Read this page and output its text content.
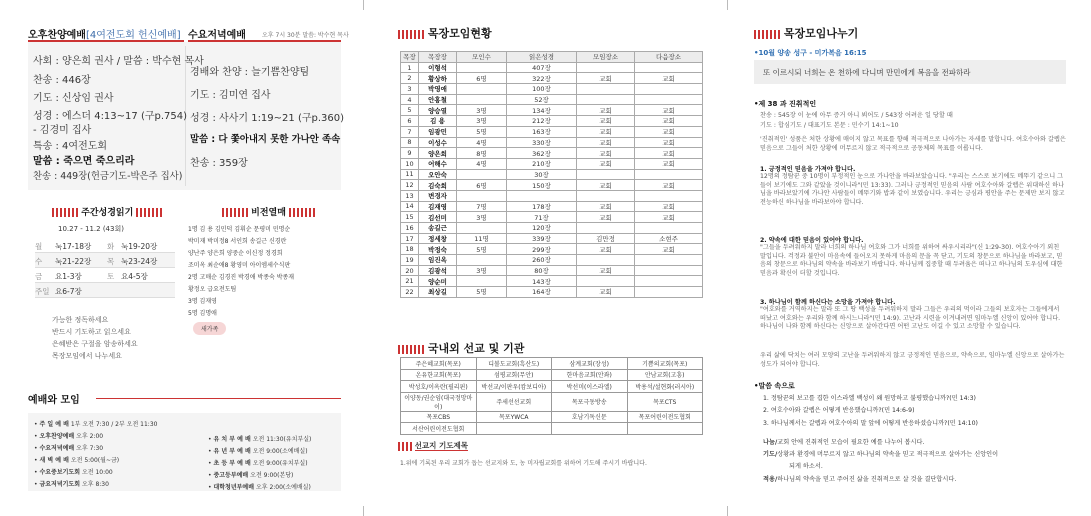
오후찬양예배[4여전도회 헌신예배] 수요저녁예배	오후 7시 30분 말씀: 박수현 목사
사회 : 양은희 권사 / 말씀 : 박수현 목사
찬송 : 446장
기도 : 신상임 권사
성경 : 에스더 4:13~17 (구p.754)
- 김경미 집사
특송 : 4여전도회
말씀 : 죽으면 죽으리라
찬송 : 449장(헌금기도-박은주 집사)
경배와 찬양 : 늘기쁨찬양팀
기도 : 김미연 집사
성경 : 사사기 1:19~21 (구p.360)
말씀 : 다 쫓아내지 못한 가나안 족속
찬송 : 359장
주간성경읽기
10.27 - 11.2 (43회)
월 눅17-18장 화 눅19-20장
수 눅21-22장 목 눅23-24장
금 요1-3장	토 요4-5장
주일 요6-7장
가능한 정독하세요
반드시 기도하고 읽으세요
은혜받은 구절을 암송하세요
목장모임에서 나누세요
비전열매
1명 김 용 김민덕 김휘순 문평미 민명순
박미재 박미정8 서인희 송길근 신경란
양난주 양은희 양중순 이신정 정경희
조미옥 최순애8 황영미 아이엠세수식판
2명 고매순 김경진 박경애 박종숙 박종재
황정오 급요전도팀
3명 김재영
5명 김명애
새가족
예배와 모임
• 주 일 예 배 1부 오전 7:30 / 2부 오전 11:30
• 오후찬양예배 오후 2:00
• 수요저녁예배 오후 7:30
• 새 벽 예 배 오전 5:00(월~금)
• 수요중보기도회 오전 10:00
• 금요저녁기도회 오후 8:30
• 유 치 부 예 배 오전 11:30(유치부실)
• 유 년 부 예 배 오전 9:00(소예배실)
• 초 등 부 예 배 오전 9:00(유치부실)
• 중고등부예배 오전 9:00(본당)
• 대학청년부예배 오후 2:00(소예배실)
목장모임현황
목장	목장장	모인수	읽은성경	모임장소	다음장소
1	이형석		407장		
2	황상하	6명	322장	교회	교회
3	박영애		100장		
4	안홍철		52장		
5	양승열	3명	134장	교회	교회
6	김 용	3명	212장	교회	교회
7	임광민	5명	163장	교회	교회
8	이성수	4명	330장	교회	교회
9	양은희	8명	362장	교회	교회
10	어해수	4명	210장	교회	교회
11	오안숙		30장		
12	김숙희	6명	150장	교회	교회
13	변경자				
14	김재영	7명	178장	교회	교회
15	김선미	3명	71장	교회	교회
16	송길근		120장		
17	정세창	11명	339장	김만정	소현주
18	박정숙	5명	299장	교회	교회
19	임진옥		260장		
20	김광석	3명	80장	교회	
21	양순미		143장		
22	최상길	5명	164장	교회	
국내외 선교 및 기관
주은혜교회(목포)	디볼도교회(흑산도)	삼계교회(장성)	기쁨의교회(목포)
온유한교회(목포)	섬평교회(무안)	한마음교회(안좌)	안남교회(고흥)
박성호/이옥란(필리핀)	박선교/이판우(캄보디아)	박선미(이스라엘)	박용석/설현화(러시아)
이양동/권순임(대국정망마이)	주세선선교회	목포극동방송	목포CTS
목포CBS	목포YWCA	호남기독신문	목포어린이전도협회
서산어린이전도협회			
선교지 기도제목
1.위에 기록된 우리 교회가 돕는 선교지와 도, 농 미자립교회를 위하여 기도해 주시기 바랍니다.
목장모임나누기
•10월 양송 성구 - 미가복음 16:15
또 이르시되 너희는 온 천하에 다니며 만민에게 복음을 전파하라
•제 38 과 진취적인
찬송 : 545장 이 눈에 아무 증거 아니 뵈어도 / 543장 어려운 일 당할 때
기도 : 합심기도 / 대표기도 본문 : 민수기 14:1~10
'진취적인' 성품은 처한 상황에 매이지 않고 목표를 향해 적극적으로 나아가는 자세를 말합니다. 여호수아와 갈렙은 믿음으로 그들이 처한 상황에 머무르지 않고 적극적으로 공동체의 목표를 이룹니다.
1. 긍정적인 믿음을 가져야 합니다.
12명의 정탐꾼 중 10명이 부정적인 눈으로 가나안을 바라보았습니다. "우리는 스스로 보기에도 메뚜기 같으니 그들이 보기에도 그와 같았을 것이니라"(민 13:33). 그러나 긍정적인 믿음의 사람 여호수아와 갈렙은 위대하신 하나님을 바라보았기에 가나안 사람들이 메뚜기와 밥과 같이 보였습니다. 우리는 긍심과 평안을 주는 문제만 보지 않고 전능하신 하나님을 바라보아야 합니다.
2. 약속에 대한 믿음이 있어야 합니다.
"그들을 두려워하지 말라 너희의 하나님 여호와 그가 너희를 위하여 싸우시리라"(신 1:29-30). 여호수아기 외친 말입니다. 걱정과 불안이 마음속에 들어오지 못하게 마음의 문을 꼭 닫고, 기도의 창문으로 하나님을 바라보고, 믿음의 창문으로 하나님의 약속을 바라보기 바랍니다. 하나님께 집중할 때 두려움은 떠나고 하나님의 도우심에 대한 믿음과 확신이 더할 것입니다.
3. 하나님이 함께 하신다는 소망을 가져야 합니다.
"여호와를 거역하지는 말라 또 그 땅 백성을 두려워하지 말라 그들은 우리의 먹이라 그들의 보호자는 그들에게서 떠났고 여호와는 우리와 함께 하시느니라"(민 14:9). 고난과 시련을 이겨내려면 임마누엘 신앙이 있어야 합니다. 하나님이 나와 함께 하신다는 신앙으로 살아간다면 어떤 고난도 이길 수 있고 소망할 수 있습니다.
우리 삶에 닥치는 여러 모양의 고난을 두려워하지 않고 긍정적인 믿음으로, 약속으로, 임마누엘 신앙으로 살아가는 성도가 되어야 합니다.
•말씀 속으로
1. 정탐꾼의 보고를 겹한 이스라엘 백성이 왜 원망하고 불평했습니까?(민 14:3)
2. 여호수아와 갈렙은 어떻게 반응했습니까?(민 14:6-9)
3. 하나님께서는 갈렙과 여호수아의 말 앞에 어떻게 반응하셨습니까?(민 14:10)
나눔/교회 안에 진취적인 모습이 필요한 예를 나누어 봅시다.
기도/상황과 환경에 머무르지 않고 하나님의 약속을 믿고 적극적으로 살아가는 신앙인이
되게 하소서.
적용/하나님의 약속을 믿고 주어진 삶을 진취적으로 살 것을 결단합시다.
